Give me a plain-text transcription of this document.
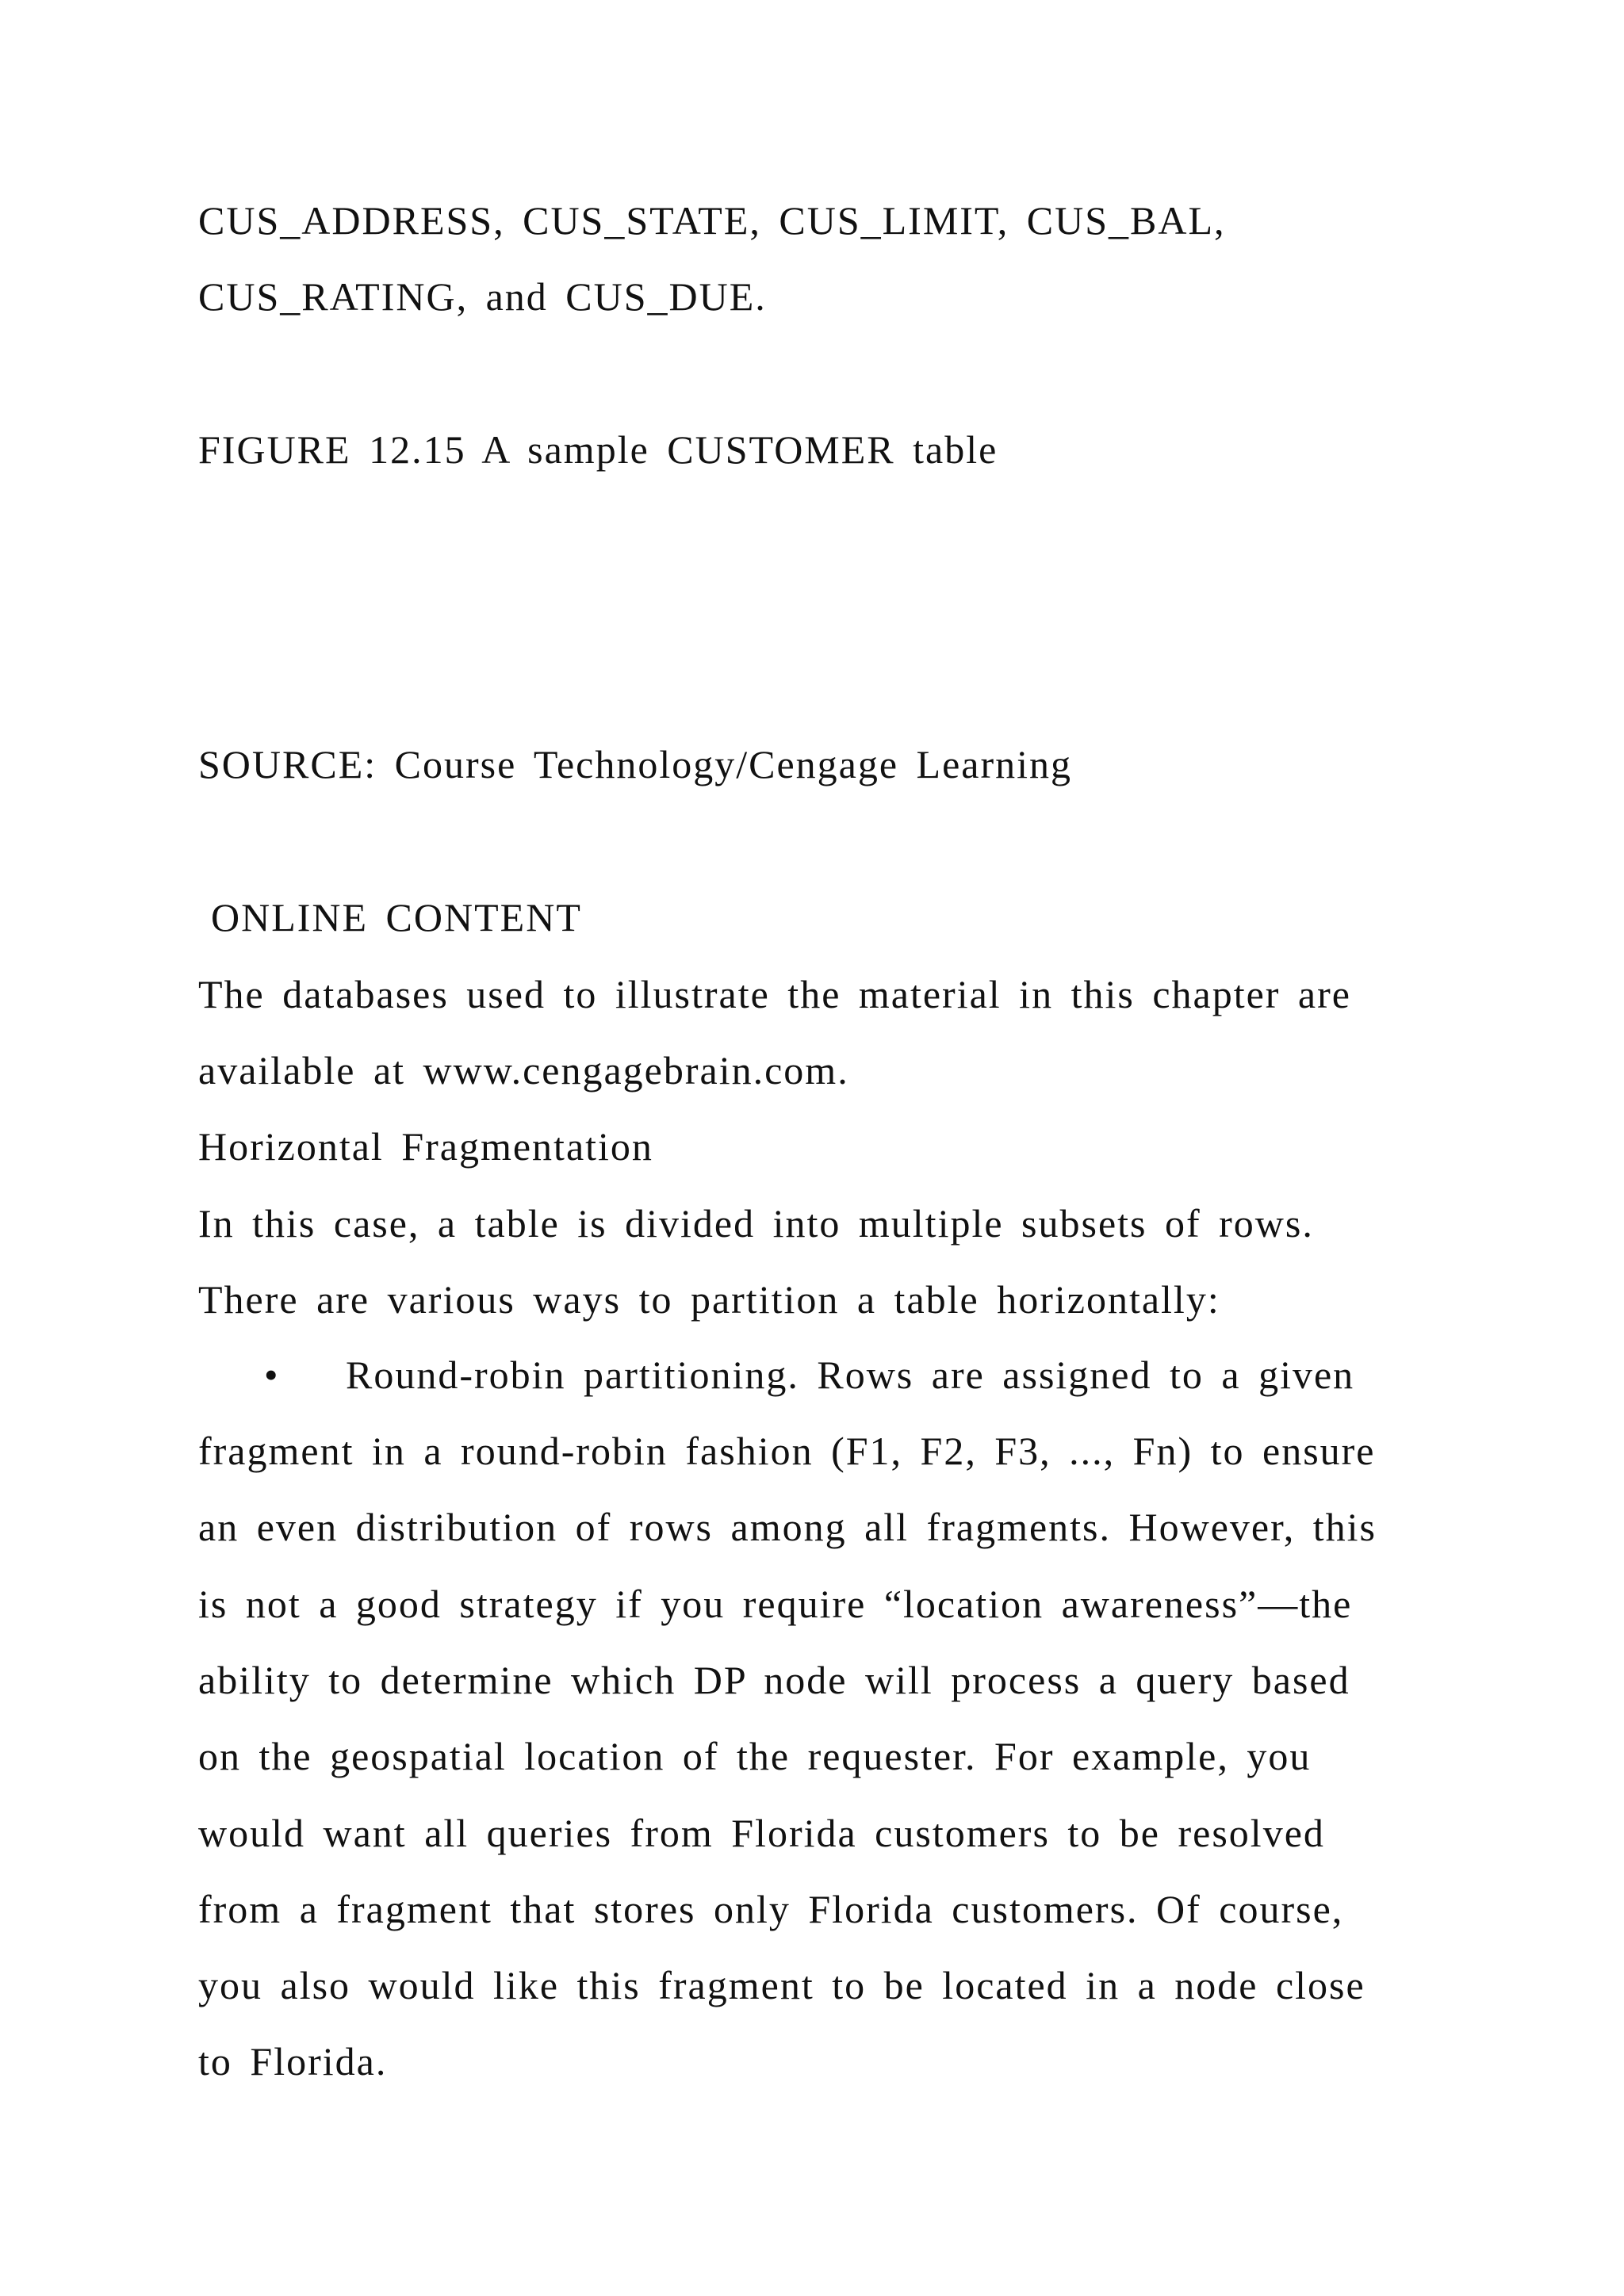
CUS_ADDRESS, CUS_STATE, CUS_LIMIT, CUS_BAL,
CUS_RATING, and CUS_DUE.
FIGURE 12.15 A sample CUSTOMER table
SOURCE: Course Technology/Cengage Learning
ONLINE CONTENT
The databases used to illustrate the material in this chapter are
available at www.cengagebrain.com.
Horizontal Fragmentation
In this case, a table is divided into multiple subsets of rows.
There are various ways to partition a table horizontally:
• Round-robin partitioning. Rows are assigned to a given
fragment in a round-robin fashion (F1, F2, F3, ..., Fn) to ensure
an even distribution of rows among all fragments. However, this
is not a good strategy if you require “location awareness”—the
ability to determine which DP node will process a query based
on the geospatial location of the requester. For example, you
would want all queries from Florida customers to be resolved
from a fragment that stores only Florida customers. Of course,
you also would like this fragment to be located in a node close
to Florida.
